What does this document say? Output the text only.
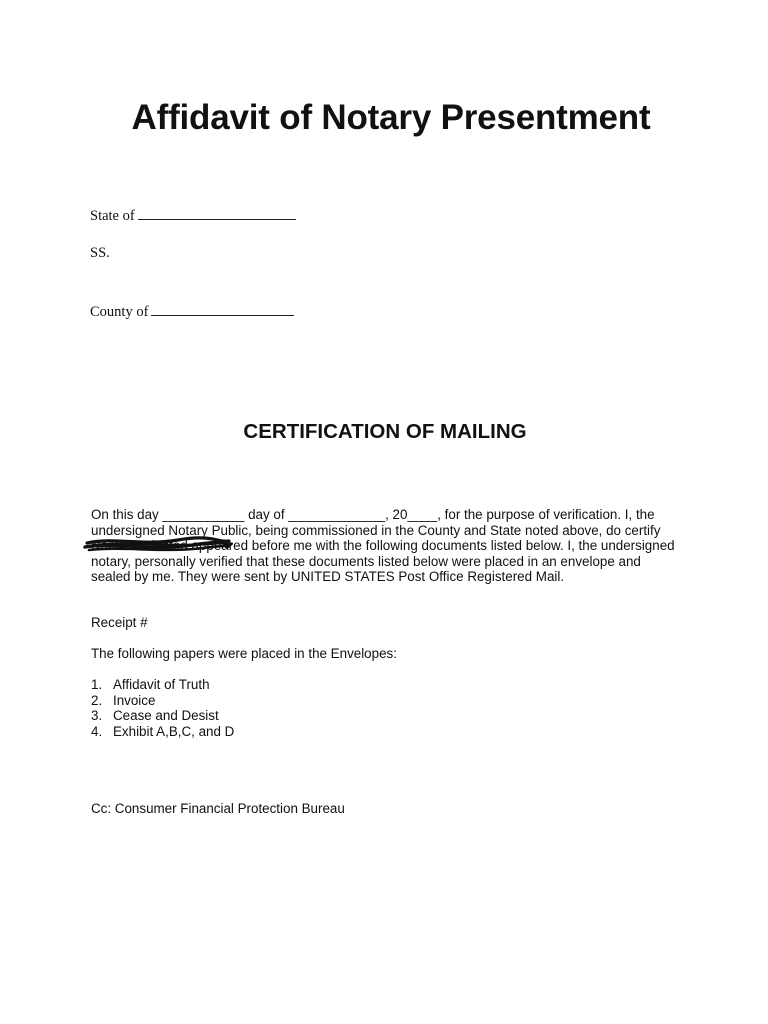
Affidavit of Notary Presentment
State of
SS.
County of
CERTIFICATION OF MAILING

On this day ___________ day of _____________, 20____, for the purpose of verification. I, the undersigned Notary Public, being commissioned in the County and State noted above, do certify Name Redacted
appeared before me with the following documents listed below. I, the undersigned notary, personally verified that these documents listed below were placed in an envelope and sealed by me. They were sent by UNITED STATES Post Office Registered Mail.

Receipt #

The following papers were placed in the Envelopes:

1. Affidavit of Truth
2. Invoice
3. Cease and Desist
4. Exhibit A,B,C, and D

Cc: Consumer Financial Protection Bureau
